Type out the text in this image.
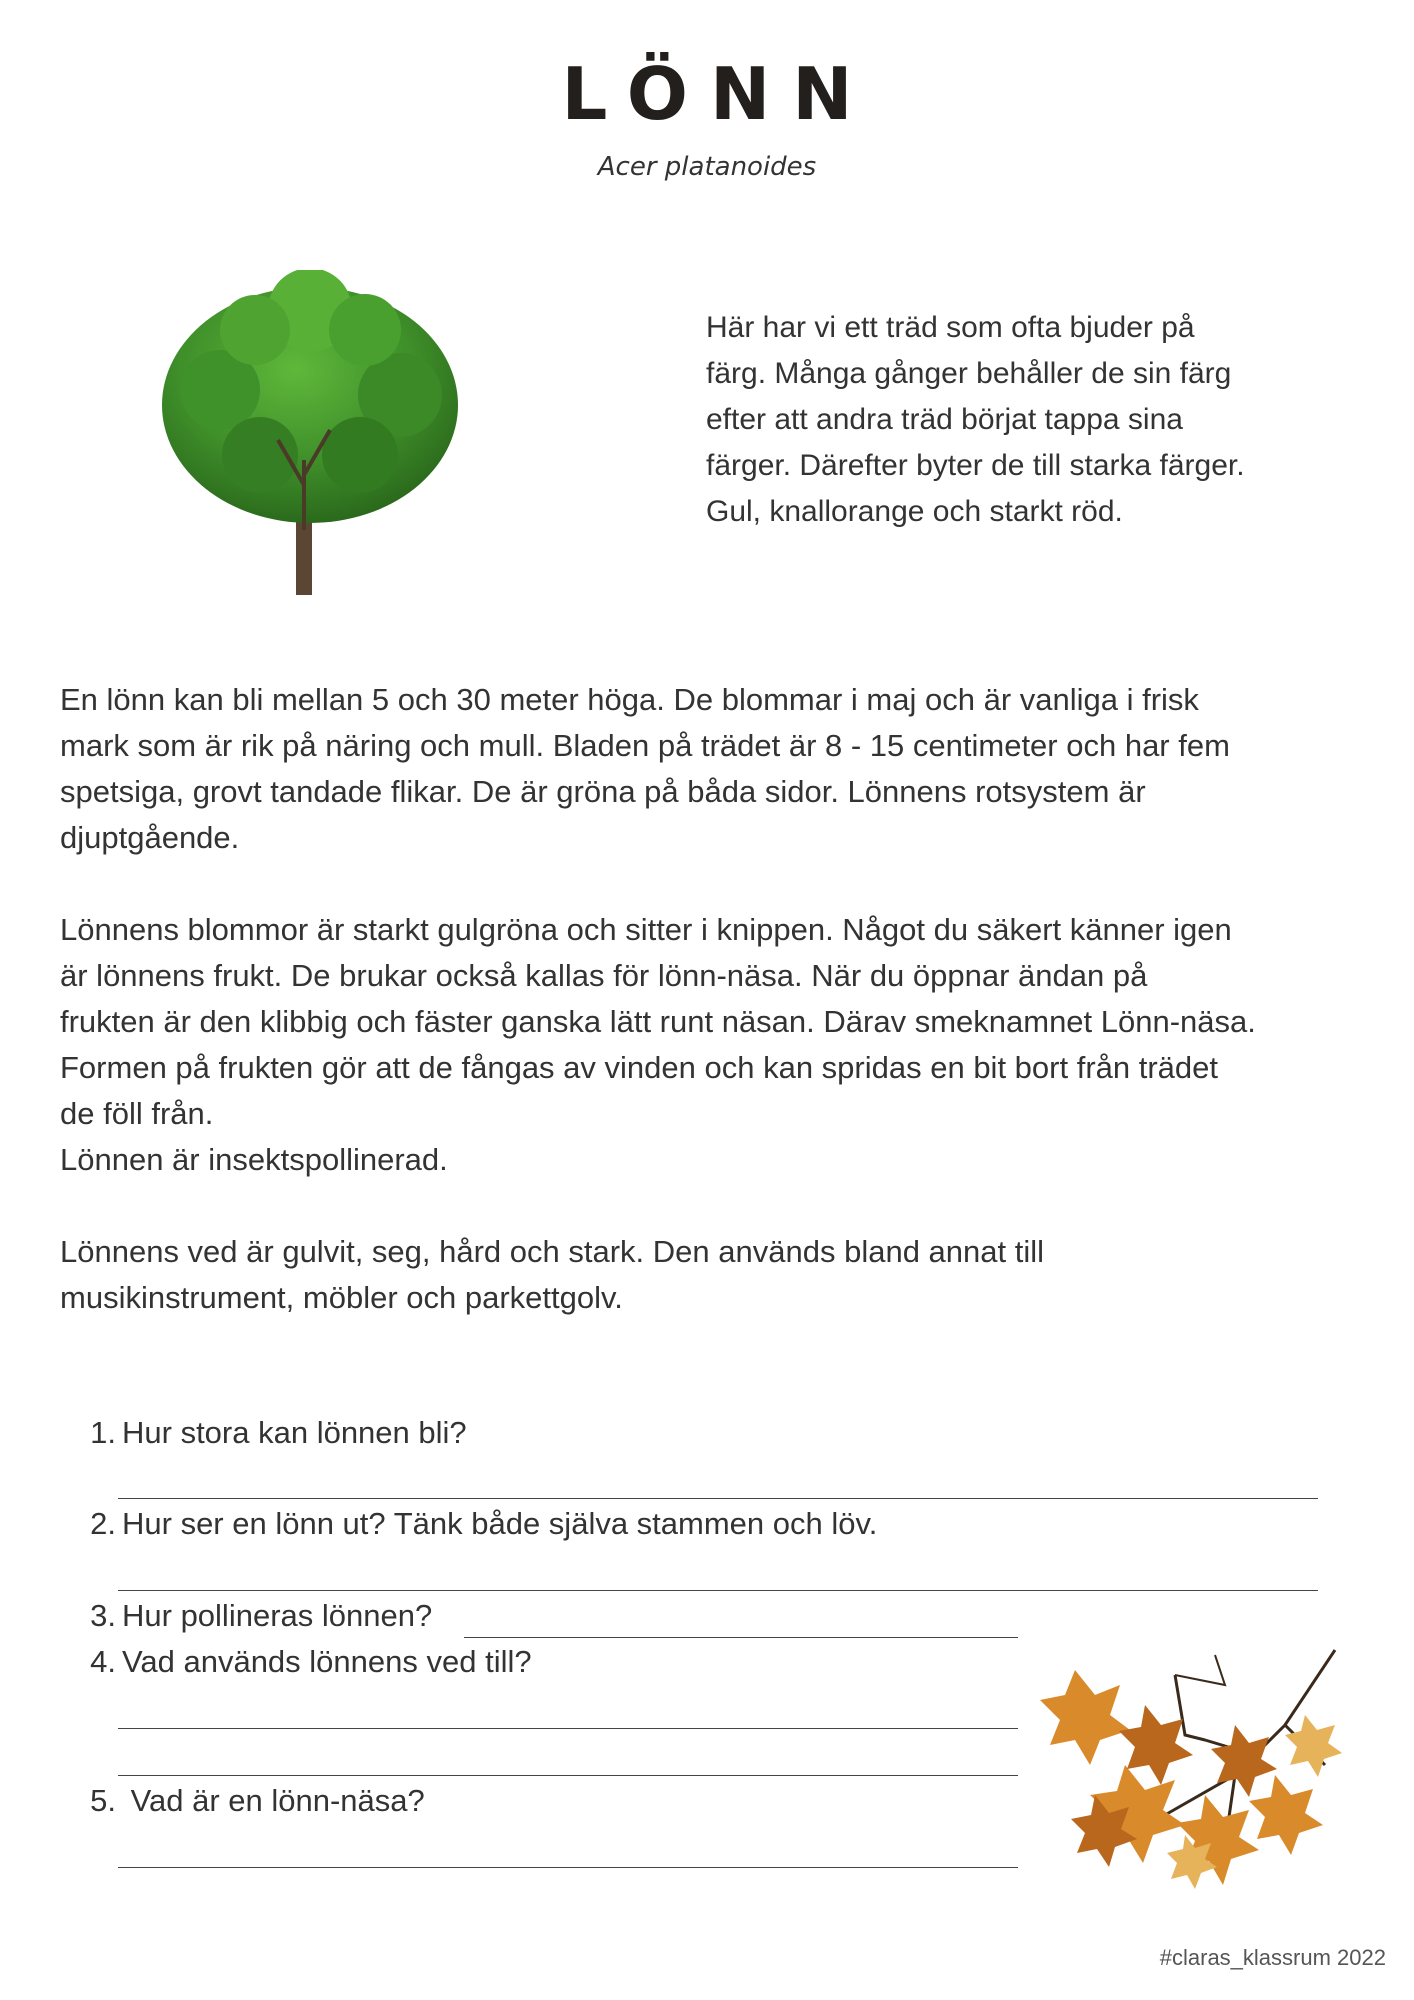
LÖNN
Acer platanoides
Här har vi ett träd som ofta bjuder på
färg. Många gånger behåller de sin färg
efter att andra träd börjat tappa sina
färger. Därefter byter de till starka färger.
Gul, knallorange och starkt röd.
En lönn kan bli mellan 5 och 30 meter höga. De blommar i maj och är vanliga i frisk
mark som är rik på näring och mull. Bladen på trädet är 8 - 15 centimeter och har fem
spetsiga, grovt tandade flikar. De är gröna på båda sidor. Lönnens rotsystem är
djuptgående.
Lönnens blommor är starkt gulgröna och sitter i knippen. Något du säkert känner igen
är lönnens frukt. De brukar också kallas för lönn-näsa. När du öppnar ändan på
frukten är den klibbig och fäster ganska lätt runt näsan. Därav smeknamnet Lönn-näsa.
Formen på frukten gör att de fångas av vinden och kan spridas en bit bort från trädet
de föll från.
Lönnen är insektspollinerad.
Lönnens ved är gulvit, seg, hård och stark. Den används bland annat till
musikinstrument, möbler och parkettgolv.
1. Hur stora kan lönnen bli?
2. Hur ser en lönn ut? Tänk både själva stammen och löv.
3. Hur pollineras lönnen?
4. Vad används lönnens ved till?
5. Vad är en lönn-näsa?
#claras_klassrum 2022
